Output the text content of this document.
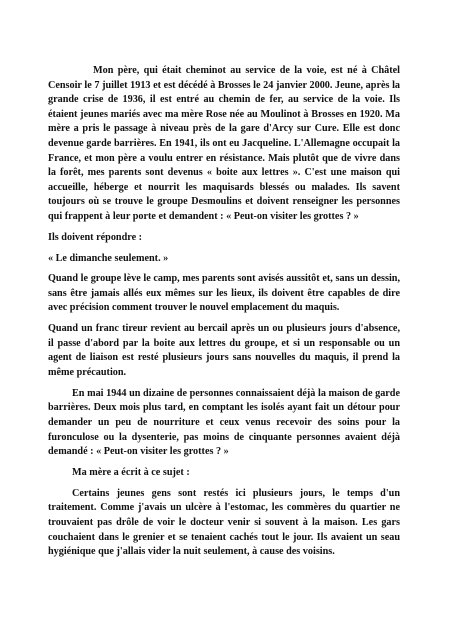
Mon père, qui était cheminot au service de la voie, est né à Châtel Censoir le 7 juillet 1913 et est décédé à Brosses le 24 janvier 2000. Jeune, après la grande crise de 1936, il est entré au chemin de fer, au service de la voie. Ils étaient jeunes mariés avec ma mère Rose née au Moulinot à Brosses en 1920. Ma mère a pris le passage à niveau près de la gare d'Arcy sur Cure. Elle est donc devenue garde barrières. En 1941, ils ont eu Jacqueline. L'Allemagne occupait la France, et mon père a voulu entrer en résistance. Mais plutôt que de vivre dans la forêt, mes parents sont devenus « boite aux lettres ». C'est une maison qui accueille, héberge et nourrit les maquisards blessés ou malades. Ils savent toujours où se trouve le groupe Desmoulins et doivent renseigner les personnes qui frappent à leur porte et demandent : « Peut-on visiter les grottes ? »

Ils doivent répondre :

« Le dimanche seulement. »

Quand le groupe lève le camp, mes parents sont avisés aussitôt et, sans un dessin, sans être jamais allés eux mêmes sur les lieux, ils doivent être capables de dire avec précision comment trouver le nouvel emplacement du maquis.

Quand un franc tireur revient au bercail après un ou plusieurs jours d'absence, il passe d'abord par la boite aux lettres du groupe, et si un responsable ou un agent de liaison est resté plusieurs jours sans nouvelles du maquis, il prend la même précaution.

En mai 1944 un dizaine de personnes connaissaient déjà la maison de garde barrières. Deux mois plus tard, en comptant les isolés ayant fait un détour pour demander un peu de nourriture et ceux venus recevoir des soins pour la furonculose ou la dysenterie, pas moins de cinquante personnes avaient déjà demandé : « Peut-on visiter les grottes ? »

Ma mère a écrit à ce sujet :

Certains jeunes gens sont restés ici plusieurs jours, le temps d'un traitement. Comme j'avais un ulcère à l'estomac, les commères du quartier ne trouvaient pas drôle de voir le docteur venir si souvent à la maison. Les gars couchaient dans le grenier et se tenaient cachés tout le jour. Ils avaient un seau hygiénique que j'allais vider la nuit seulement, à cause des voisins.
